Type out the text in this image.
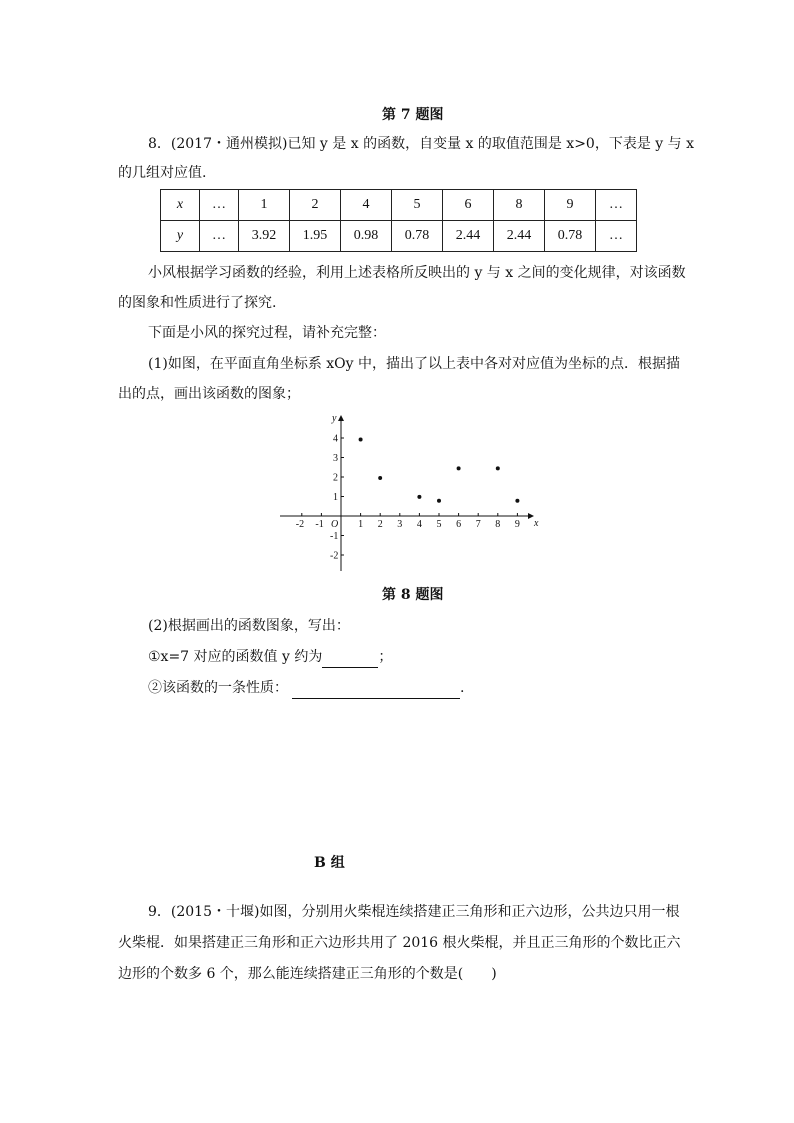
第 7 题图
8．(2017・通州模拟)已知 y 是 x 的函数，自变量 x 的取值范围是 x>0，下表是 y 与 x
的几组对应值.
x	…	1	2	4	5	6	8	9	…
y	…	3.92	1.95	0.98	0.78	2.44	2.44	0.78	…
小风根据学习函数的经验，利用上述表格所反映出的 y 与 x 之间的变化规律，对该函数
的图象和性质进行了探究.
下面是小风的探究过程，请补充完整：
(1)如图，在平面直角坐标系 xOy 中，描出了以上表中各对对应值为坐标的点．根据描
出的点，画出该函数的图象；
-2 -1	1 2 3 4 5 6 7 8 9
4
3
2
1
-1
-2
x
y
O
第 8 题图
(2)根据画出的函数图象，写出：
①x=7 对应的函数值 y 约为	；
②该函数的一条性质：	.
B 组
9．(2015・十堰)如图，分别用火柴棍连续搭建正三角形和正六边形，公共边只用一根
火柴棍．如果搭建正三角形和正六边形共用了 2016 根火柴棍，并且正三角形的个数比正六
边形的个数多 6 个，那么能连续搭建正三角形的个数是(　　)
